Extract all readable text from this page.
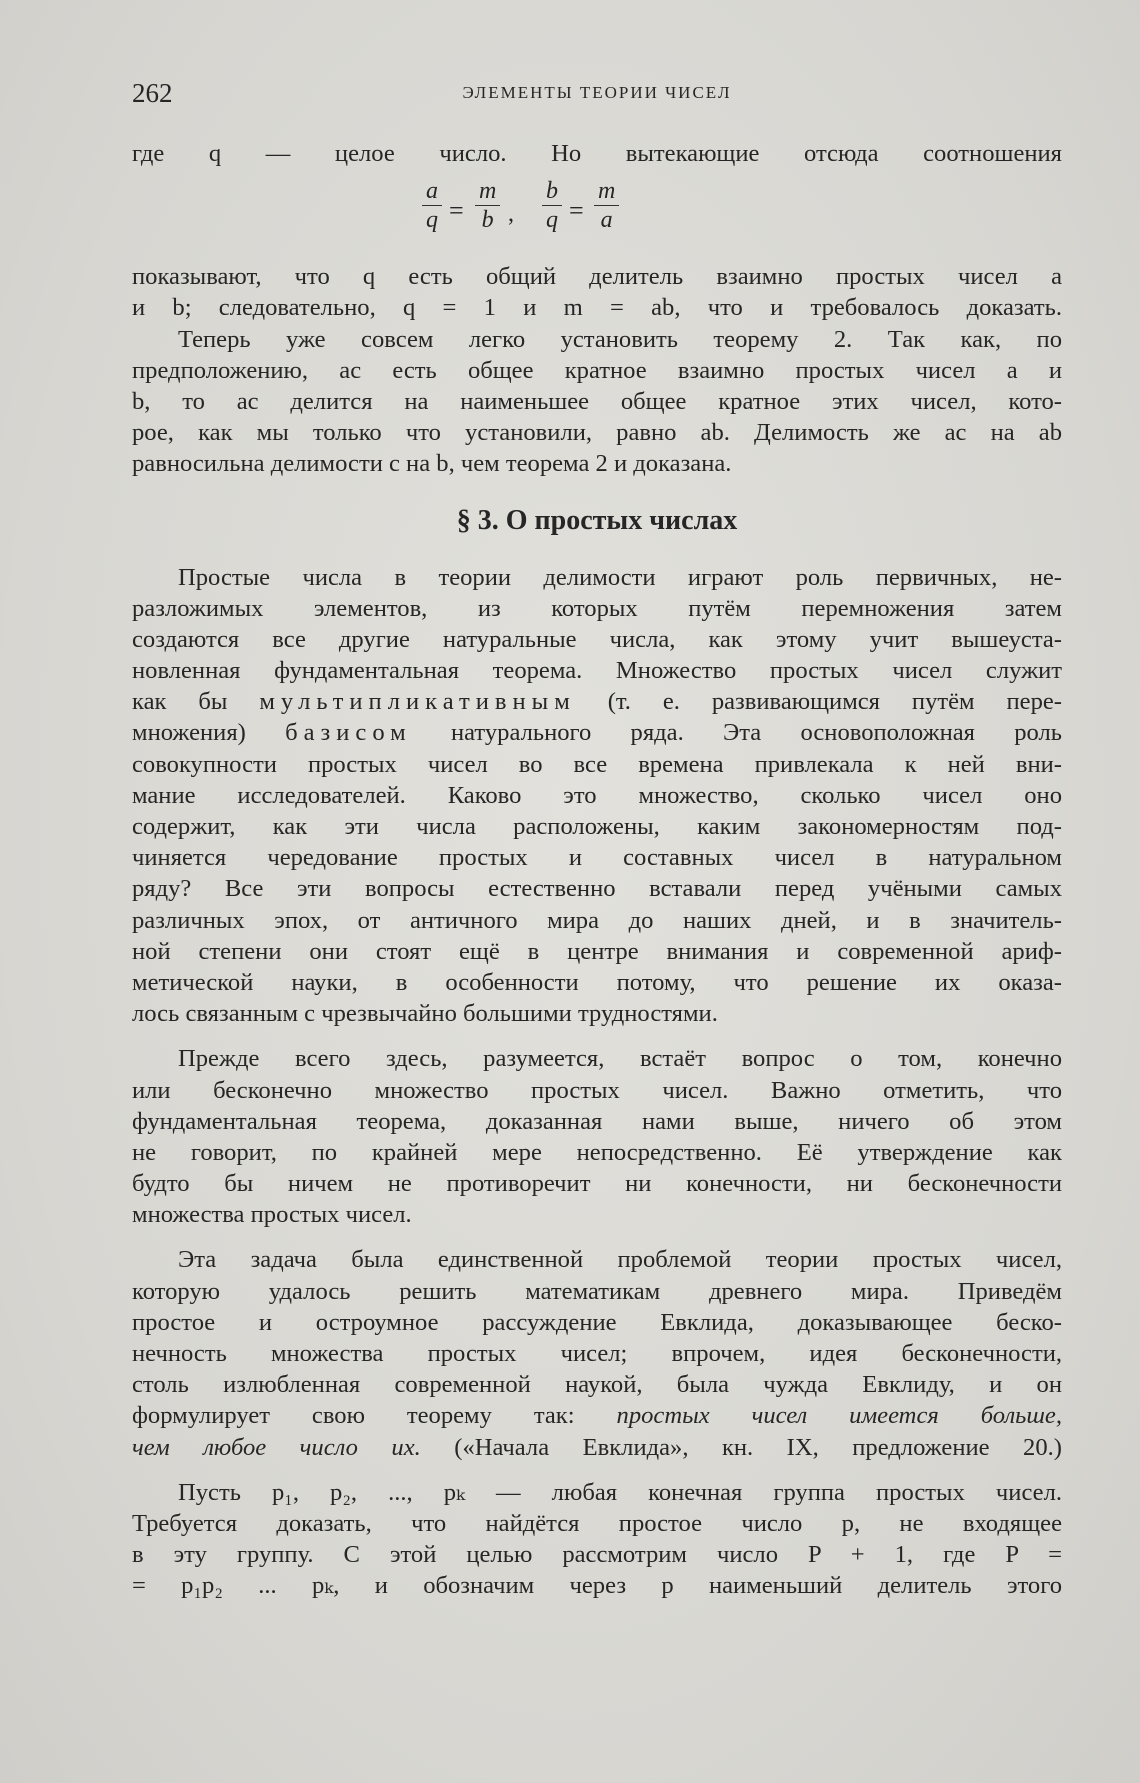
262	ЭЛЕМЕНТЫ ТЕОРИИ ЧИСЕЛ
где q — целое число. Но вытекающие отсюда соотношения
a
q =
m
b ,
b
q =
m
a
показывают, что q есть общий делитель взаимно простых чисел a
и b; следовательно, q = 1 и m = ab, что и требовалось доказать.
Теперь уже совсем легко установить теорему 2. Так как, по
предположению, ac есть общее кратное взаимно простых чисел a и
b, то ac делится на наименьшее общее кратное этих чисел, кото-
рое, как мы только что установили, равно ab. Делимость же ac на ab
равносильна делимости c на b, чем теорема 2 и доказана.
§ 3. О простых числах
Простые числа в теории делимости играют роль первичных, не-
разложимых элементов, из которых путём перемножения затем
создаются все другие натуральные числа, как этому учит вышеуста-
новленная фундаментальная теорема. Множество простых чисел служит
как бы мультипликативным (т. е. развивающимся путём пере-
множения) базисом натурального ряда. Эта основоположная роль
совокупности простых чисел во все времена привлекала к ней вни-
мание исследователей. Каково это множество, сколько чисел оно
содержит, как эти числа расположены, каким закономерностям под-
чиняется чередование простых и составных чисел в натуральном
ряду? Все эти вопросы естественно вставали перед учёными самых
различных эпох, от античного мира до наших дней, и в значитель-
ной степени они стоят ещё в центре внимания и современной ариф-
метической науки, в особенности потому, что решение их оказа-
лось связанным с чрезвычайно большими трудностями.
Прежде всего здесь, разумеется, встаёт вопрос о том, конечно
или бесконечно множество простых чисел. Важно отметить, что
фундаментальная теорема, доказанная нами выше, ничего об этом
не говорит, по крайней мере непосредственно. Её утверждение как
будто бы ничем не противоречит ни конечности, ни бесконечности
множества простых чисел.
Эта задача была единственной проблемой теории простых чисел,
которую удалось решить математикам древнего мира. Приведём
простое и остроумное рассуждение Евклида, доказывающее беско-
нечность множества простых чисел; впрочем, идея бесконечности,
столь излюбленная современной наукой, была чужда Евклиду, и он
формулирует свою теорему так: простых чисел имеется больше,
чем любое число их. («Начала Евклида», кн. IX, предложение 20.)
Пусть p₁, p₂, ..., pₖ — любая конечная группа простых чисел.
Требуется доказать, что найдётся простое число p, не входящее
в эту группу. С этой целью рассмотрим число P + 1, где P =
= p₁p₂ ... pₖ, и обозначим через p наименьший делитель этого
